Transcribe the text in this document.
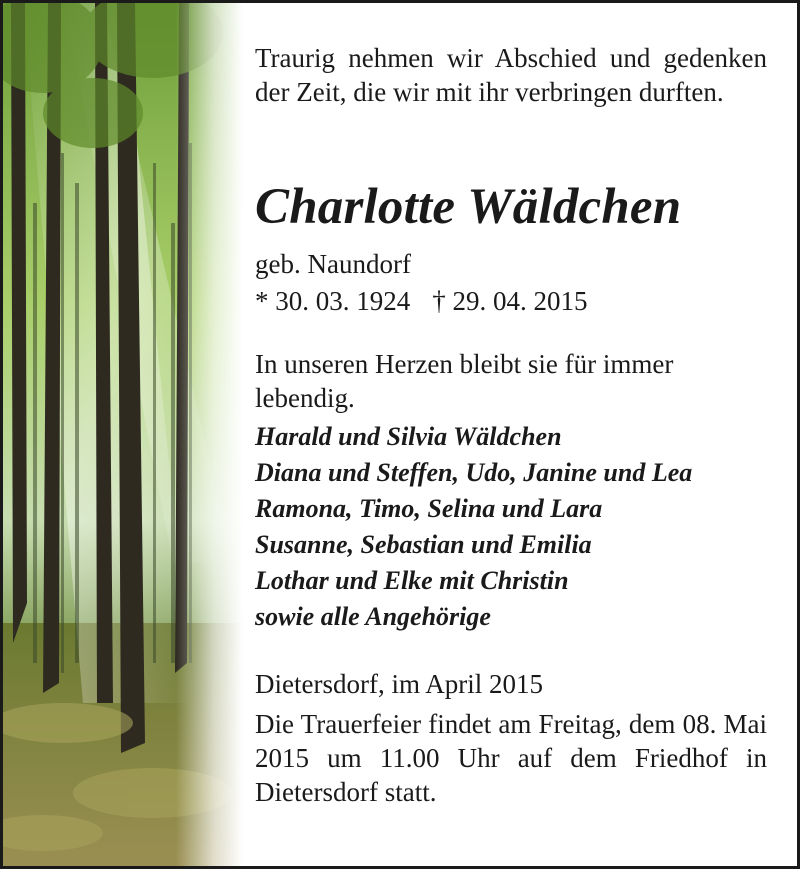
Traurig nehmen wir Abschied und gedenken der Zeit, die wir mit ihr verbringen durften.

Charlotte Wäldchen

geb. Naundorf

* 30. 03. 1924 † 29. 04. 2015

In unseren Herzen bleibt sie für immer lebendig.

Harald und Silvia Wäldchen
Diana und Steffen, Udo, Janine und Lea
Ramona, Timo, Selina und Lara
Susanne, Sebastian und Emilia
Lothar und Elke mit Christin
sowie alle Angehörige

Dietersdorf, im April 2015

Die Trauerfeier findet am Freitag, dem 08. Mai 2015 um 11.00 Uhr auf dem Friedhof in Dietersdorf statt.
